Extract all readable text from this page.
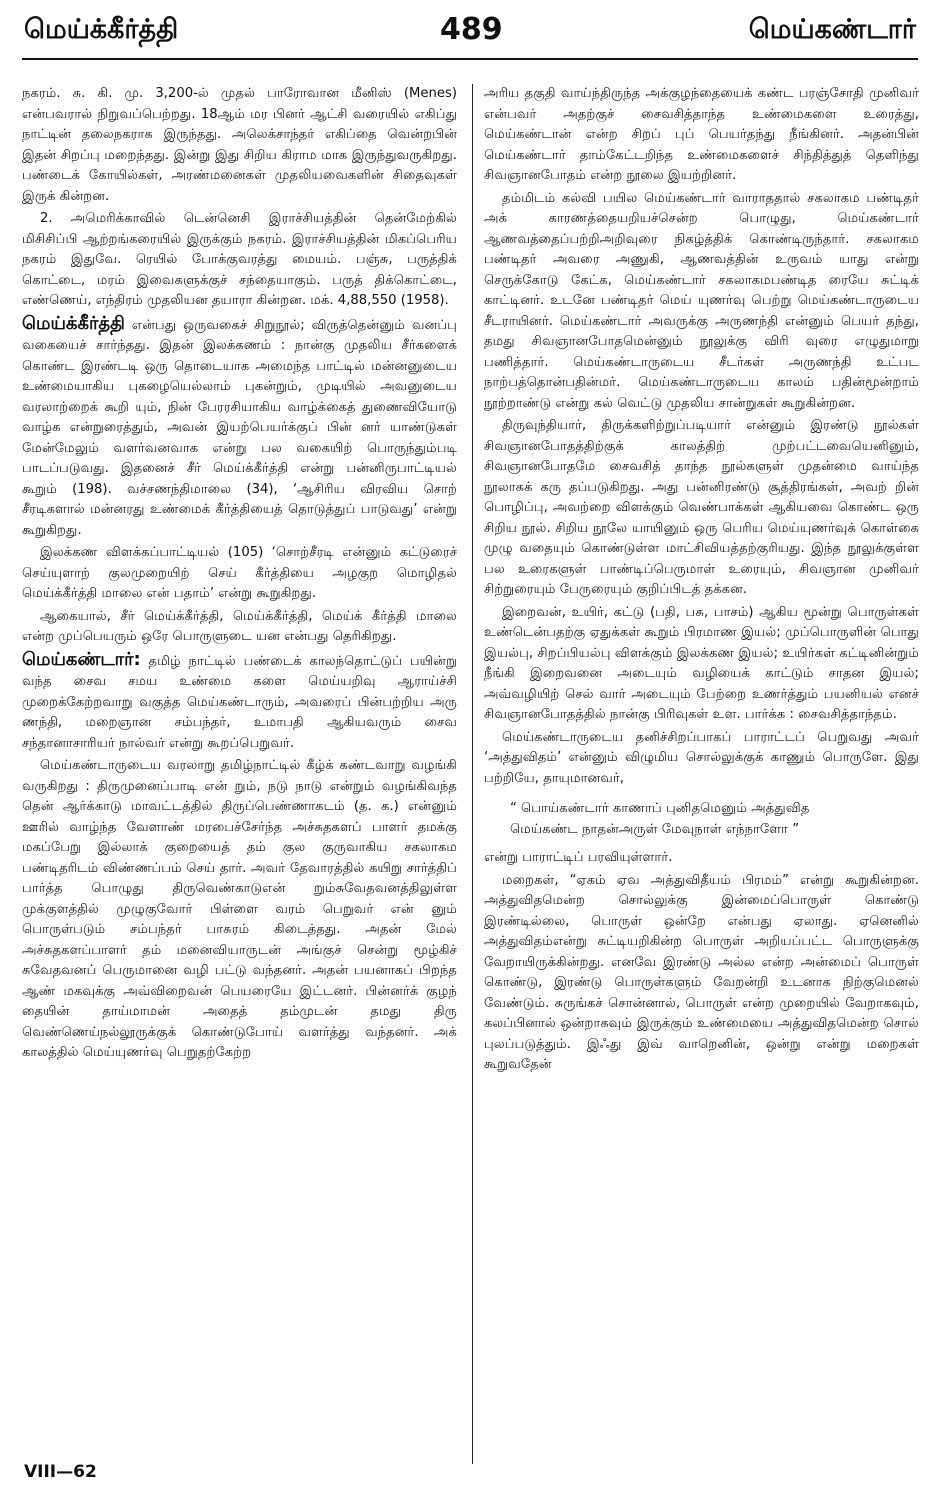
மெய்க்கீர்த்தி	489	மெய்கண்டார்

நகரம். சு. கி. மு. 3,200-ல் முதல் பாரோவான மீனிஸ் (Menes) என்பவரால் நிறுவப்பெற்றது. 18ஆம் மர பினர் ஆட்சி வரையில் எகிப்து நாட்டின் தலைநகராக இருந்தது. அலெக்சாந்தர் எகிப்தை வென்றபின் இதன் சிறப்பு மறைந்தது. இன்று இது சிறிய கிராம மாக இருந்துவருகிறது. பண்டைக் கோயில்கள், அரண்மனைகள் முதலியவைகளின் சிதைவுகள் இருக் கின்றன.

2. அமெரிக்காவில் டென்னெசி இராச்சியத்தின் தென்மேற்கில் மிசிசிப்பி ஆற்றங்கரையில் இருக்கும் நகரம். இராச்சியத்தின் மிகப்பெரிய நகரம் இதுவே. ரெயில் போக்குவரத்து மையம். பஞ்சு, பருத்திக் கொட்டை, மரம் இவைகளுக்குச் சந்தையாகும். பருத் திக்கொட்டை, எண்ணெய், எந்திரம் முதலியன தயாரா கின்றன. மக். 4,88,550 (1958).

மெய்க்கீர்த்தி என்பது ஒருவகைச் சிறுநூல்; விருத்தென்னும் வனப்பு வகையைச் சார்ந்தது. இதன் இலக்கணம் : நான்கு முதலிய சீர்களைக் கொண்ட இரண்டடி ஒரு தொடையாக அமைந்த பாட்டில் மன்னனுடைய உண்மையாகிய புகழையெல்லாம் புகன்றும், முடியில் அவனுடைய வரலாற்றைக் கூறி யும், நின் பேரரசியாகிய வாழ்க்கைத் துணைவியோடு வாழ்க என்றுரைத்தும், அவன் இயற்பெயர்க்குப் பின் னர் யாண்டுகள் மேன்மேலும் வளர்வனவாக என்று பல வகையிற் பொருந்தும்படி பாடப்படுவது. இதனைச் சீர் மெய்க்கீர்த்தி என்று பன்னிருபாட்டியல் கூறும் (198). வச்சணந்திமாலை (34), ‘ஆசிரிய விரவிய சொற் சீரடிகளால் மன்னரது உண்மைக் கீர்த்தியைத் தொடுத்துப் பாடுவது’ என்று கூறுகிறது.

இலக்கண விளக்கப்பாட்டியல் (105) ‘சொற்சீரடி என்னும் கட்டுரைச் செய்யுளாற் குலமுறையிற் செய் கீர்த்தியை அழகுற மொழிதல் மெய்க்கீர்த்தி மாலை என் பதாம்’ என்று கூறுகிறது.

ஆகையால், சீர் மெய்க்கீர்த்தி, மெய்க்கீர்த்தி, மெய்க் கீர்த்தி மாலை என்ற முப்பெயரும் ஒரே பொருளுடை யன என்பது தெரிகிறது.

மெய்கண்டார்: தமிழ் நாட்டில் பண்டைக் காலந்தொட்டுப் பயின்று வந்த சைவ சமய உண்மை களை மெய்யறிவு ஆராய்ச்சி முறைக்கேற்றவாறு வகுத்த மெய்கண்டாரும், அவரைப் பின்பற்றிய அரு ணந்தி, மறைஞான சம்பந்தர், உமாபதி ஆகியவரும் சைவ சந்தானாசாரியர் நால்வர் என்று கூறப்பெறுவர்.

மெய்கண்டாருடைய வரலாறு தமிழ்நாட்டில் கீழ்க் கண்டவாறு வழங்கி வருகிறது : திருமுனைப்பாடி என் றும், நடு நாடு என்றும் வழங்கிவந்த தென் ஆர்க்காடு மாவட்டத்தில் திருப்பெண்ணாகடம் (த. க.) என்னும் ஊரில் வாழ்ந்த வேளாண் மரபைச்சேர்ந்த அச்சுதகளப் பாளர் தமக்கு மகப்பேறு இல்லாக் குறையைத் தம் குல குருவாகிய சகலாகம பண்டிதரிடம் விண்ணப்பம் செய் தார். அவர் தேவாரத்தில் கயிறு சார்த்திப் பார்த்த பொழுது திருவெண்காடுஎன் றும்சுவேதவனத்திலுள்ள முக்குளத்தில் முழுகுவோர் பிள்ளை வரம் பெறுவர் என் னும் பொருள்படும் சம்பந்தர் பாசுரம் கிடைத்தது. அதன் மேல் அச்சுதகளப்பாளர் தம் மனைவியாருடன் அங்குச் சென்று மூழ்கிச் சுவேதவனப் பெருமானை வழி பட்டு வந்தனர். அதன் பயனாகப் பிறந்த ஆண் மகவுக்கு அவ்விறைவன் பெயரையே இட்டனர். பின்னர்க் குழந் தையின் தாய்மாமன் அதைத் தம்முடன் தமது திரு வெண்ணெய்நல்லூருக்குக் கொண்டுபோய் வளர்த்து வந்தனர். அக் காலத்தில் மெய்யுணர்வு பெறுதற்கேற்ற

அரிய தகுதி வாய்ந்திருந்த அக்குழந்தையைக் கண்ட பரஞ்சோதி முனிவர் என்பவர் அதற்குச் சைவசித்தாந்த உண்மைகளை உரைத்து, மெய்கண்டான் என்ற சிறப் புப் பெயர்தந்து நீங்கினர். அதன்பின் மெய்கண்டார் தாம்கேட்டறிந்த உண்மைகளைச் சிந்தித்துத் தெளிந்து சிவஞானபோதம் என்ற நூலை இயற்றினர்.

தம்மிடம் கல்வி பயில மெய்கண்டார் வாராததால் சகலாகம பண்டிதர் அக் காரணத்தையறியச்சென்ற பொழுது, மெய்கண்டார் ஆணவத்தைப்பற்றிஅறிவுரை நிகழ்த்திக் கொண்டிருந்தார். சகலாகம பண்டிதர் அவரை அணுகி, ஆணவத்தின் உருவம் யாது என்று செருக்கோடு கேட்க, மெய்கண்டார் சகலாகமபண்டித ரையே சுட்டிக் காட்டினர். உடனே பண்டிதர் மெய் யுணர்வு பெற்று மெய்கண்டாருடைய சீடராயினர். மெய்கண்டார் அவருக்கு அருணந்தி என்னும் பெயர் தந்து, தமது சிவஞானபோதமென்னும் நூலுக்கு விரி வுரை எழுதுமாறு பணித்தார். மெய்கண்டாருடைய சீடர்கள் அருணந்தி உட்பட நாற்பத்தொன்பதின்மர். மெய்கண்டாருடைய காலம் பதின்மூன்றாம் நூற்றாண்டு என்று கல் வெட்டு முதலிய சான்றுகள் கூறுகின்றன.

திருவுந்தியார், திருக்களிற்றுப்படியார் என்னும் இரண்டு நூல்கள் சிவஞானபோதத்திற்குக் காலத்திற் முற்பட்டவையெனினும், சிவஞானபோதமே சைவசித் தாந்த நூல்களுள் முதன்மை வாய்ந்த நூலாகக் கரு தப்படுகிறது. அது பன்னிரண்டு சூத்திரங்கள், அவற் றின் பொழிப்பு, அவற்றை விளக்கும் வெண்பாக்கள் ஆகியவை கொண்ட ஒரு சிறிய நூல். சிறிய நூலே யாயினும் ஒரு பெரிய மெய்யுணர்வுக் கொள்கை முழு வதையும் கொண்டுள்ள மாட்சிவியத்தற்குரியது. இந்த நூலுக்குள்ள பல உரைகளுள் பாண்டிப்பெருமாள் உரையும், சிவஞான முனிவர் சிற்றுரையும் பேருரையும் குறிப்பிடத் தக்கன.

இறைவன், உயிர், கட்டு (பதி, பசு, பாசம்) ஆகிய மூன்று பொருள்கள் உண்டென்பதற்கு ஏதுக்கள் கூறும் பிரமாண இயல்; முப்பொருளின் பொது இயல்பு, சிறப்பியல்பு விளக்கும் இலக்கண இயல்; உயிர்கள் கட்டினின்றும் நீங்கி இறைவனை அடையும் வழியைக் காட்டும் சாதன இயல்; அவ்வழியிற் செல் வார் அடையும் பேற்றை உணர்த்தும் பயனியல் எனச் சிவஞானபோதத்தில் நான்கு பிரிவுகள் உள. பார்க்க : சைவசித்தாந்தம்.

மெய்கண்டாருடைய தனிச்சிறப்பாகப் பாராட்டப் பெறுவது அவர் ‘அத்துவிதம்’ என்னும் விழுமிய சொல்லுக்குக் காணும் பொருளே. இது பற்றியே, தாயுமானவர்,

“ பொய்கண்டார் காணாப் புனிதமெனும் அத்துவித
மெய்கண்ட நாதன்அருள் மேவுநாள் எந்நாளோ ”

என்று பாராட்டிப் பரவியுள்ளார்.

மறைகள், “ஏகம் ஏவ அத்துவிதீயம் பிரமம்” என்று கூறுகின்றன. அத்துவிதமென்ற சொல்லுக்கு இன்மைப்பொருள் கொண்டு இரண்டில்லை, பொருள் ஒன்றே என்பது ஏலாது. ஏனெனில் அத்துவிதம்என்று சுட்டியறிகின்ற பொருள் அறியப்பட்ட பொருளுக்கு வேறாயிருக்கின்றது. எனவே இரண்டு அல்ல என்ற அன்மைப் பொருள் கொண்டு, இரண்டு பொருள்களும் வேறன்றி உடனாக நிற்குமெனல் வேண்டும். சுருங்கச் சொன்னால், பொருள் என்ற முறையில் வேறாகவும், கலப்பினால் ஒன்றாகவும் இருக்கும் உண்மையை அத்துவிதமென்ற சொல் புலப்படுத்தும். இஃது இவ் வாறெனின், ஒன்று என்று மறைகள் கூறுவதேன்

VIII—62
